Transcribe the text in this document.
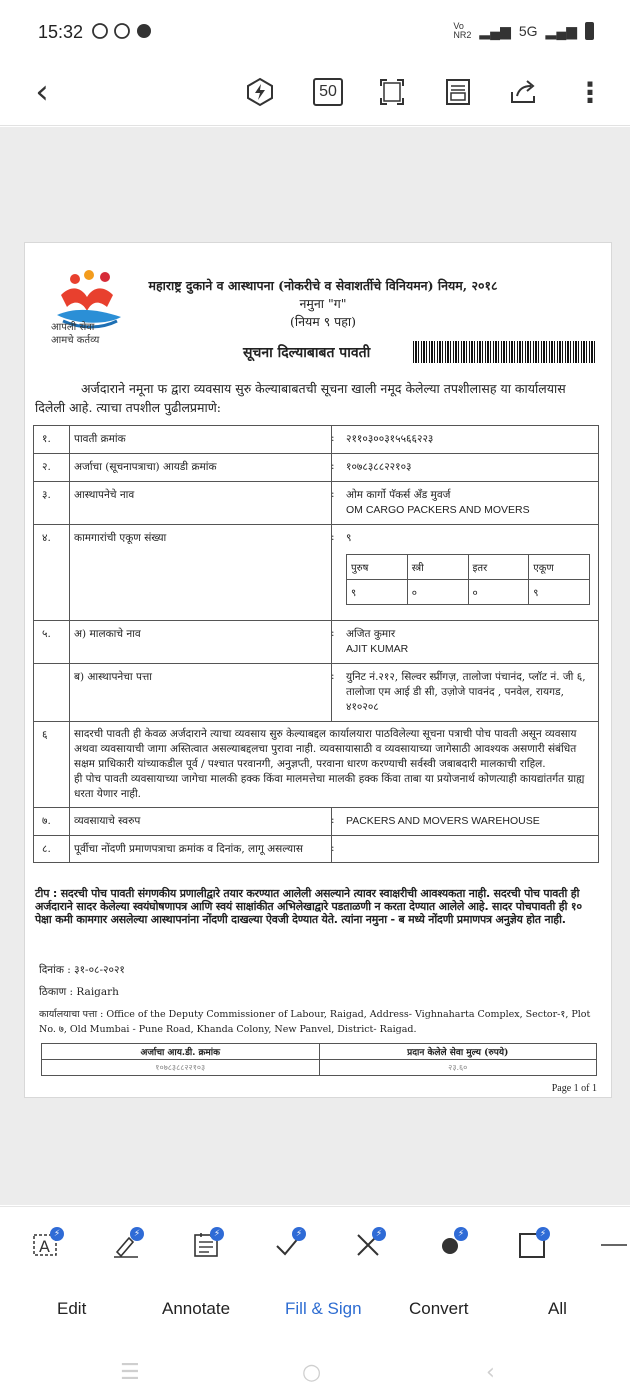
15:32	Vo NR2 ▂▄▆ 5G ▂▄▆
‹	50	⋮
आपली सेवा
आमचे कर्तव्य
महाराष्ट्र दुकाने व आस्थापना (नोकरीचे व सेवाशर्तीचे विनियमन) नियम, २०१८
नमुना "ग"
(नियम ९ पहा)
सूचना दिल्याबाबत पावती
अर्जदाराने नमूना फ द्वारा व्यवसाय सुरु केल्याबाबतची सूचना खाली नमूद केलेल्या तपशीलासह या कार्यालयास दिलेली आहे. त्याचा तपशील पुढीलप्रमाणे:
१.	पावती क्रमांक	: २११०३००३१५५६६२२३
२.	अर्जाचा (सूचनापत्राचा) आयडी क्रमांक	: १०७८३८८२२१०३
३.	आस्थापनेचे नाव	: ओम कार्गो पॅकर्स अँड मुवर्ज
OM CARGO PACKERS AND MOVERS
४.	कामगारांची एकूण संख्या	: ९
पुरुष	स्त्री	इतर	एकूण
९	०	०	९
५.	अ) मालकाचे नाव	: अजित कुमार
AJIT KUMAR
ब) आस्थापनेचा पत्ता	: युनिट नं.२१२, सिल्वर स्प्रींगज़, तालोजा पंचानंद, प्लॉट नं. जी ६, तालोजा एम आई डी सी, उज़ोजे पावनंद , पनवेल, रायगड, ४१०२०८
६	सादरची पावती ही केवळ अर्जदाराने त्याचा व्यवसाय सुरु केल्याबद्दल कार्यालयारा पाठविलेल्या सूचना पत्राची पोच पावती असून व्यवसाय अथवा व्यवसायाची जागा अस्तित्वात असल्याबद्दलचा पुरावा नाही. व्यवसायासाठी व व्यवसायाच्या जागेसाठी आवश्यक असणारी संबंधित सक्षम प्राधिकारी यांच्याकडील पूर्व / पश्चात परवानगी, अनुज्ञप्ती, परवाना धारण करण्याची सर्वस्वी जबाबदारी मालकाची राहिल.
ही पोच पावती व्यवसायाच्या जागेचा मालकी हक्क किंवा मालमत्तेचा मालकी हक्क किंवा ताबा या प्रयोजनार्थ कोणत्याही कायद्यांतर्गत ग्राह्य धरता येणार नाही.
७.	व्यवसायाचे स्वरुप	: PACKERS AND MOVERS WAREHOUSE
८.	पूर्वीचा नोंदणी प्रमाणपत्राचा क्रमांक व दिनांक, लागू असल्यास	:
टीप : सदरची पोच पावती संगणकीय प्रणालीद्वारे तयार करण्यात आलेली असल्याने त्यावर स्वाक्षरीची आवश्यकता नाही. सदरची पोच पावती ही अर्जदाराने सादर केलेल्या स्वयंघोषणापत्र आणि स्वयं साक्षांकीत अभिलेखाद्वारे पडताळणी न करता देण्यात आलेले आहे. सादर पोचपावती ही १० पेक्षा कमी कामगार असलेल्या आस्थापनांना नोंदणी दाखल्या ऐवजी देण्यात येते. त्यांना नमुना - ब मध्ये नोंदणी प्रमाणपत्र अनुज्ञेय होत नाही.
दिनांक : ३१-०८-२०२१
ठिकाण : Raigarh
कार्यालयाचा पत्ता : Office of the Deputy Commissioner of Labour, Raigad, Address- Vighnaharta Complex, Sector-१, Plot No. ७, Old Mumbai - Pune Road, Khanda Colony, New Panvel, District- Raigad.
अर्जाचा आय.डी. क्रमांक	प्रदान केलेले सेवा मुल्य (रुपये)
१०७८३८८२२१०३	२३.६०
Page 1 of 1
A
⚡	⚡	⚡	⚡	⚡	⚡	⚡
Edit	Annotate	Fill & Sign	Convert	All
☰	○	‹
